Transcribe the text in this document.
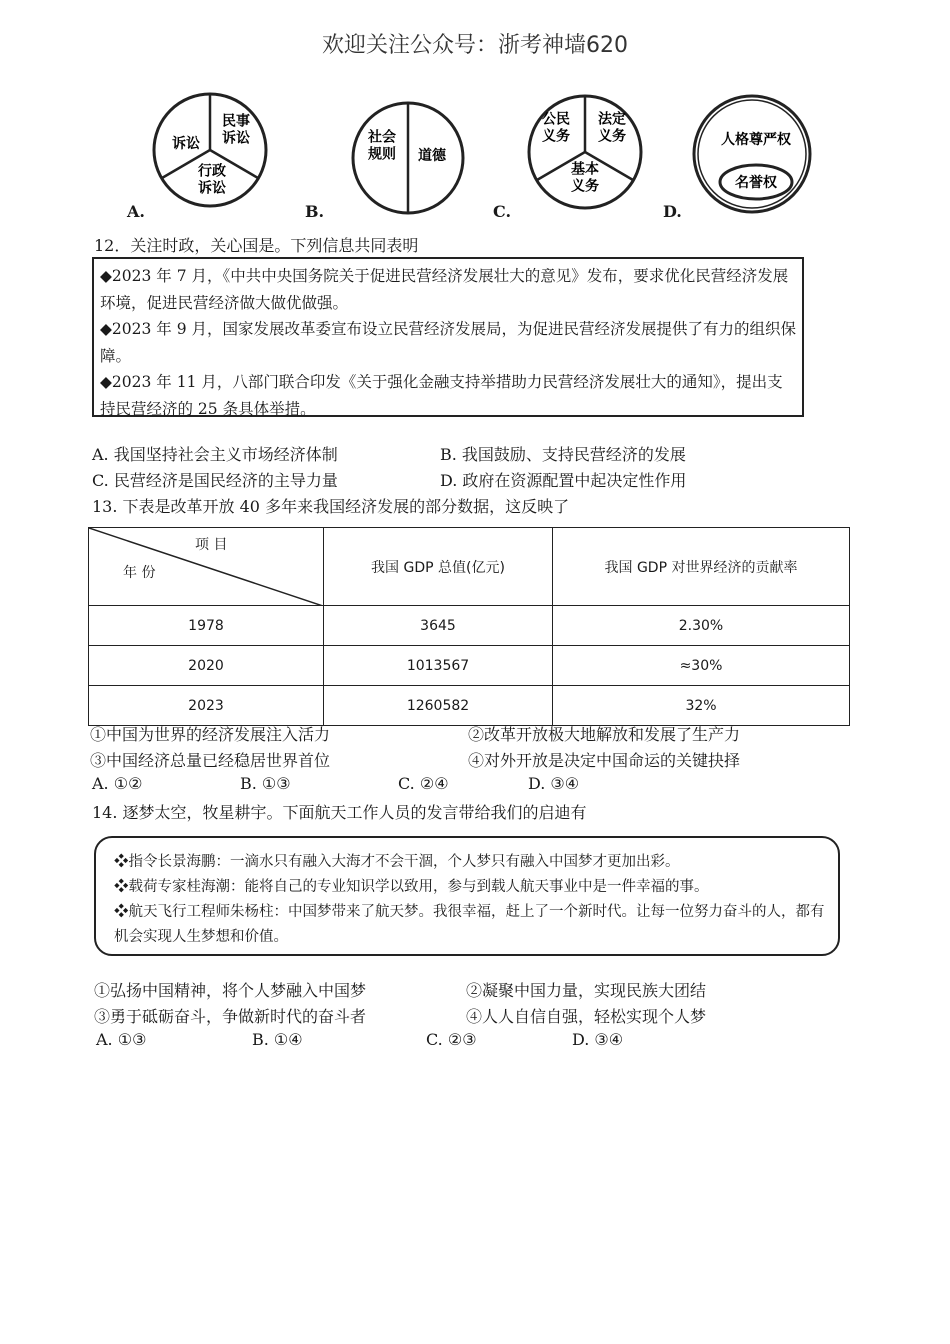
欢迎关注公众号：浙考神墙620
诉讼
民事诉讼
行政诉讼
社会规则 道德
公民义务
法定义务
基本义务
人格尊严权
名誉权
A.	B.	C.	D.
12．关注时政，关心国是。下列信息共同表明

◆2023 年 7 月，《中共中央国务院关于促进民营经济发展壮大的意见》发布，要求优化民营经济发展环境，促进民营经济做大做优做强。

◆2023 年 9 月，国家发展改革委宣布设立民营经济发展局，为促进民营经济发展提供了有力的组织保障。

◆2023 年 11 月，八部门联合印发《关于强化金融支持举措助力民营经济发展壮大的通知》，提出支持民营经济的 25 条具体举措。

A. 我国坚持社会主义市场经济体制	B. 我国鼓励、支持民营经济的发展
C. 民营经济是国民经济的主导力量	D. 政府在资源配置中起决定性作用
13. 下表是改革开放 40 多年来我国经济发展的部分数据，这反映了
项 目
年 份	我国 GDP 总值(亿元)	我国 GDP 对世界经济的贡献率
1978	3645	2.30%
2020	1013567	≈30%
2023	1260582	32%
①中国为世界的经济发展注入活力	②改革开放极大地解放和发展了生产力
③中国经济总量已经稳居世界首位	④对外开放是决定中国命运的关键抉择
A. ①②	B. ①③	C. ②④	D. ③④
14. 逐梦太空，牧星耕宇。下面航天工作人员的发言带给我们的启迪有

❖指令长景海鹏：一滴水只有融入大海才不会干涸，个人梦只有融入中国梦才更加出彩。

❖载荷专家桂海潮：能将自己的专业知识学以致用，参与到载人航天事业中是一件幸福的事。

❖航天飞行工程师朱杨柱：中国梦带来了航天梦。我很幸福，赶上了一个新时代。让每一位努力奋斗的人，都有机会实现人生梦想和价值。

①弘扬中国精神，将个人梦融入中国梦	②凝聚中国力量，实现民族大团结
③勇于砥砺奋斗，争做新时代的奋斗者	④人人自信自强，轻松实现个人梦
A. ①③	B. ①④	C. ②③	D. ③④
